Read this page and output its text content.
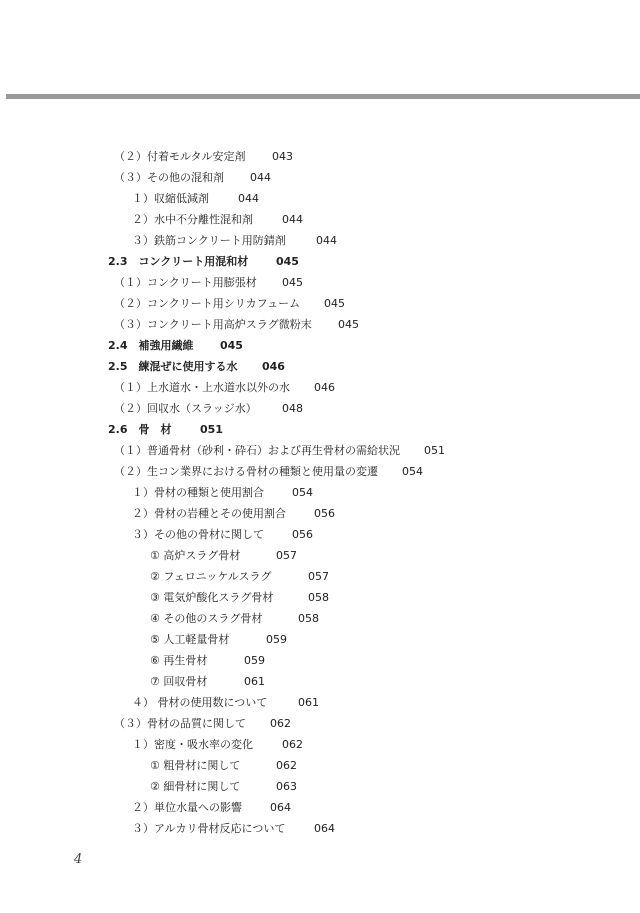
（２）付着モルタル安定剤 043
（３）その他の混和剤 044
１）収縮低減剤	044
２）水中不分離性混和剤	044
３）鉄筋コンクリート用防錆剤	044
2.3　コンクリート用混和材	045
（１）コンクリート用膨張材 045
（２）コンクリート用シリカフューム 045
（３）コンクリート用高炉スラグ微粉末 045
2.4　補強用繊維 045
2.5　練混ぜに使用する水 046
（１）上水道水・上水道水以外の水 046
（２）回収水（スラッジ水） 048
2.6　骨　材	051
（１）普通骨材（砂利・砕石）および再生骨材の需給状況 051
（２）生コン業界における骨材の種類と使用量の変遷 054
１）骨材の種類と使用割合	054
２）骨材の岩種とその使用割合	056
３）その他の骨材に関して	056
① 高炉スラグ骨材	057
② フェロニッケルスラグ	057
③ 電気炉酸化スラグ骨材	058
④ その他のスラグ骨材	058
⑤ 人工軽量骨材	059
⑥ 再生骨材	059
⑦ 回収骨材	061
４） 骨材の使用数について	061
（３）骨材の品質に関して 062
１）密度・吸水率の変化	062
① 粗骨材に関して	062
② 細骨材に関して	063
２）単位水量への影響	064
３）アルカリ骨材反応について	064
4
